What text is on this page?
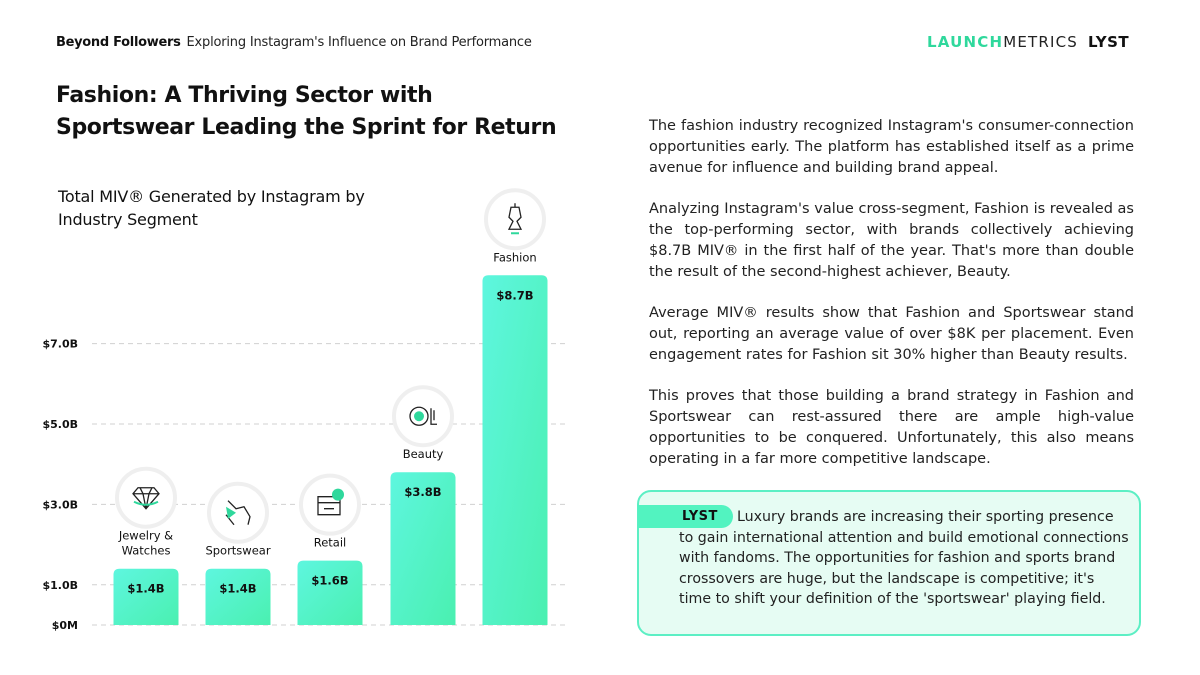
Beyond Followers Exploring Instagram's Influence on Brand Performance	LAUNCHMETRICS LYST
Fashion: A Thriving Sector with Sportswear Leading the Sprint for Return
Total MIV® Generated by Instagram by Industry Segment
$0M
$1.0B
$3.0B
$5.0B
$7.0B
$1.4B
Jewelry &
Watches
$1.4B
Sportswear
$1.6B
Retail
$3.8B
Beauty
$8.7B
Fashion

The fashion industry recognized Instagram's consumer-connection opportunities early. The platform has established itself as a prime avenue for influence and building brand appeal.

Analyzing Instagram's value cross-segment, Fashion is revealed as the top-performing sector, with brands collectively achieving $8.7B MIV® in the first half of the year. That's more than double the result of the second-highest achiever, Beauty.

Average MIV® results show that Fashion and Sportswear stand out, reporting an average value of over $8K per placement. Even engagement rates for Fashion sit 30% higher than Beauty results.

This proves that those building a brand strategy in Fashion and Sportswear can rest-assured there are ample high-value opportunities to be conquered. Unfortunately, this also means operating in a far more competitive landscape.

LYST	Luxury brands are increasing their sporting presence to gain international attention and build emotional connections with fandoms. The opportunities for fashion and sports brand crossovers are huge, but the landscape is competitive; it's time to shift your definition of the 'sportswear' playing field.
